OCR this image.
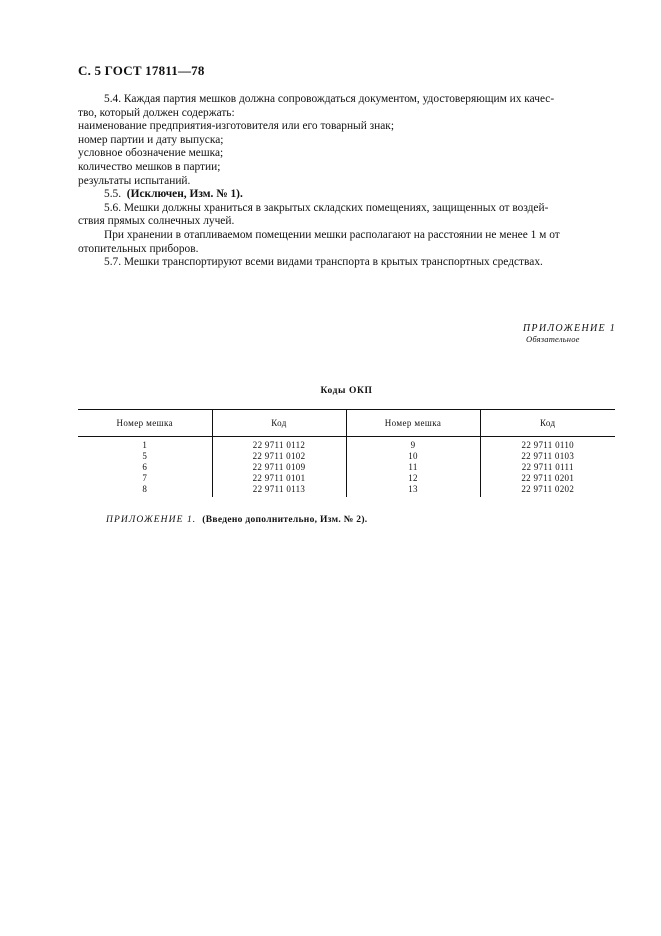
С. 5 ГОСТ 17811—78

5.4. Каждая партия мешков должна сопровождаться документом, удостоверяющим их качес-

тво, который должен содержать:

наименование предприятия-изготовителя или его товарный знак;

номер партии и дату выпуска;

условное обозначение мешка;

количество мешков в партии;

результаты испытаний.

5.5. (Исключен, Изм. № 1).

5.6. Мешки должны храниться в закрытых складских помещениях, защищенных от воздей-

ствия прямых солнечных лучей.

При хранении в отапливаемом помещении мешки располагают на расстоянии не менее 1 м от

отопительных приборов.

5.7. Мешки транспортируют всеми видами транспорта в крытых транспортных средствах.

ПРИЛОЖЕНИЕ 1
Обязательное
Коды ОКП
Номер мешка	Код	Номер мешка	Код
1	22 9711 0112	9	22 9711 0110
5	22 9711 0102	10	22 9711 0103
6	22 9711 0109	11	22 9711 0111
7	22 9711 0101	12	22 9711 0201
8	22 9711 0113	13	22 9711 0202
ПРИЛОЖЕНИЕ 1. (Введено дополнительно, Изм. № 2).
